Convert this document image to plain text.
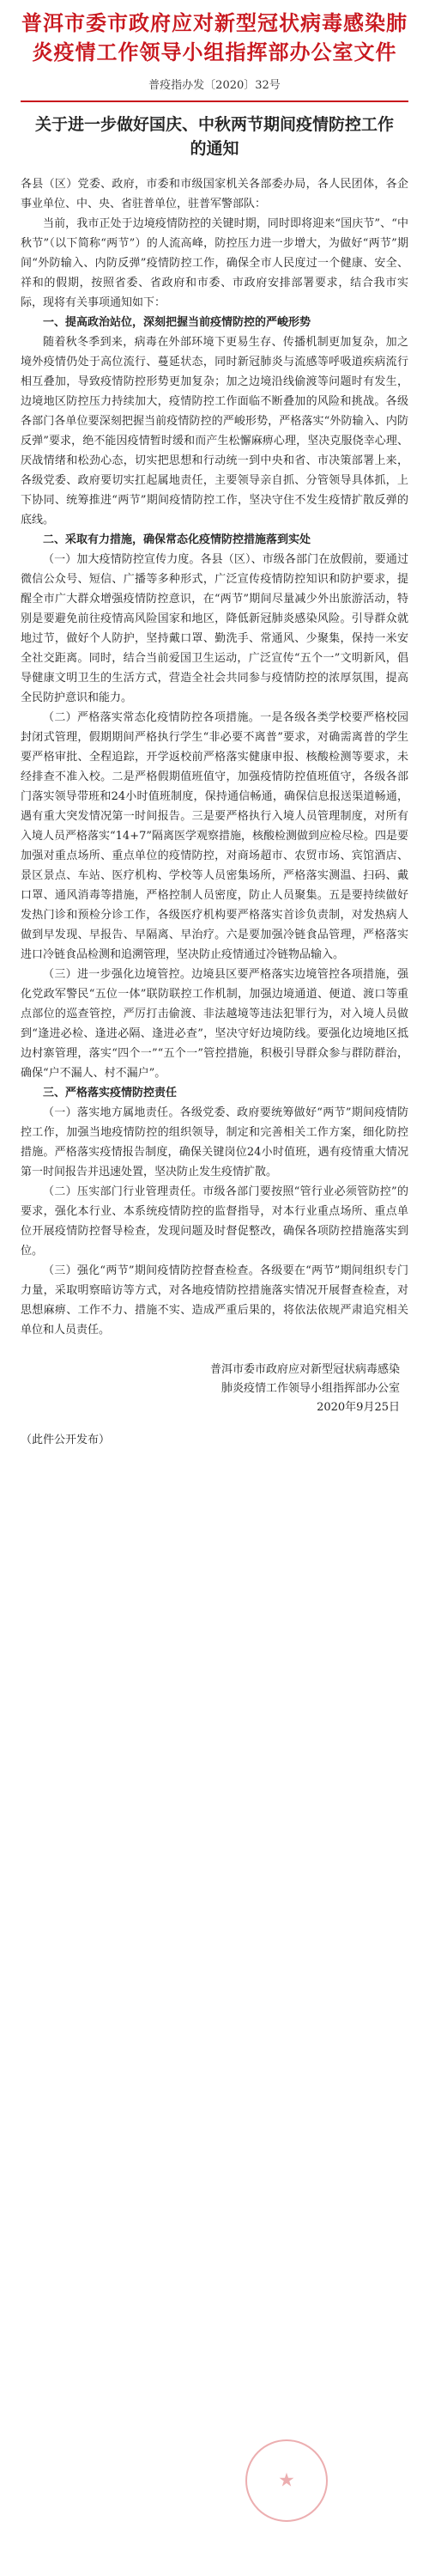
普洱市委市政府应对新型冠状病毒感染肺炎疫情工作领导小组指挥部办公室文件
普疫指办发〔2020〕32号
关于进一步做好国庆、中秋两节期间疫情防控工作的通知

各县（区）党委、政府，市委和市级国家机关各部委办局，各人民团体，各企事业单位、中、央、省驻普单位，驻普军警部队：

当前，我市正处于边境疫情防控的关键时期，同时即将迎来“国庆节”、“中秋节”（以下简称“两节”）的人流高峰，防控压力进一步增大，为做好“两节”期间“外防输入、内防反弹”疫情防控工作，确保全市人民度过一个健康、安全、祥和的假期，按照省委、省政府和市委、市政府安排部署要求，结合我市实际，现将有关事项通知如下：

一、提高政治站位，深刻把握当前疫情防控的严峻形势

随着秋冬季到来，病毒在外部环境下更易生存、传播机制更加复杂，加之境外疫情仍处于高位流行、蔓延状态，同时新冠肺炎与流感等呼吸道疾病流行相互叠加，导致疫情防控形势更加复杂；加之边境沿线偷渡等问题时有发生，边境地区防控压力持续加大，疫情防控工作面临不断叠加的风险和挑战。各级各部门各单位要深刻把握当前疫情防控的严峻形势，严格落实“外防输入、内防反弹”要求，绝不能因疫情暂时缓和而产生松懈麻痹心理，坚决克服侥幸心理、厌战情绪和松劲心态，切实把思想和行动统一到中央和省、市决策部署上来，各级党委、政府要切实扛起属地责任，主要领导亲自抓、分管领导具体抓，上下协同、统筹推进“两节”期间疫情防控工作，坚决守住不发生疫情扩散反弹的底线。

二、采取有力措施，确保常态化疫情防控措施落到实处

（一）加大疫情防控宣传力度。各县（区）、市级各部门在放假前，要通过微信公众号、短信、广播等多种形式，广泛宣传疫情防控知识和防护要求，提醒全市广大群众增强疫情防控意识，在“两节”期间尽量减少外出旅游活动，特别是要避免前往疫情高风险国家和地区，降低新冠肺炎感染风险。引导群众就地过节，做好个人防护，坚持戴口罩、勤洗手、常通风、少聚集，保持一米安全社交距离。同时，结合当前爱国卫生运动，广泛宣传“五个一”文明新风，倡导健康文明卫生的生活方式，营造全社会共同参与疫情防控的浓厚氛围，提高全民防护意识和能力。

（二）严格落实常态化疫情防控各项措施。一是各级各类学校要严格校园封闭式管理，假期期间严格执行学生“非必要不离普”要求，对确需离普的学生要严格审批、全程追踪，开学返校前严格落实健康申报、核酸检测等要求，未经排查不准入校。二是严格假期值班值守，加强疫情防控值班值守，各级各部门落实领导带班和24小时值班制度，保持通信畅通，确保信息报送渠道畅通，遇有重大突发情况第一时间报告。三是要严格执行入境人员管理制度，对所有入境人员严格落实“14+7”隔离医学观察措施，核酸检测做到应检尽检。四是要加强对重点场所、重点单位的疫情防控，对商场超市、农贸市场、宾馆酒店、景区景点、车站、医疗机构、学校等人员密集场所，严格落实测温、扫码、戴口罩、通风消毒等措施，严格控制人员密度，防止人员聚集。五是要持续做好发热门诊和预检分诊工作，各级医疗机构要严格落实首诊负责制，对发热病人做到早发现、早报告、早隔离、早治疗。六是要加强冷链食品管理，严格落实进口冷链食品检测和追溯管理，坚决防止疫情通过冷链物品输入。

（三）进一步强化边境管控。边境县区要严格落实边境管控各项措施，强化党政军警民“五位一体”联防联控工作机制，加强边境通道、便道、渡口等重点部位的巡查管控，严厉打击偷渡、非法越境等违法犯罪行为，对入境人员做到“逢进必检、逢进必隔、逢进必查”，坚决守好边境防线。要强化边境地区抵边村寨管理，落实“四个一”“五个一”管控措施，积极引导群众参与群防群治，确保“户不漏人、村不漏户”。

三、严格落实疫情防控责任

（一）落实地方属地责任。各级党委、政府要统筹做好“两节”期间疫情防控工作，加强当地疫情防控的组织领导，制定和完善相关工作方案，细化防控措施。严格落实疫情报告制度，确保关键岗位24小时值班，遇有疫情重大情况第一时间报告并迅速处置，坚决防止发生疫情扩散。

（二）压实部门行业管理责任。市级各部门要按照“管行业必须管防控”的要求，强化本行业、本系统疫情防控的监督指导，对本行业重点场所、重点单位开展疫情防控督导检查，发现问题及时督促整改，确保各项防控措施落实到位。

（三）强化“两节”期间疫情防控督查检查。各级要在“两节”期间组织专门力量，采取明察暗访等方式，对各地疫情防控措施落实情况开展督查检查，对思想麻痹、工作不力、措施不实、造成严重后果的，将依法依规严肃追究相关单位和人员责任。

普洱市委市政府应对新型冠状病毒感染
肺炎疫情工作领导小组指挥部办公室
2020年9月25日
★
（此件公开发布）
